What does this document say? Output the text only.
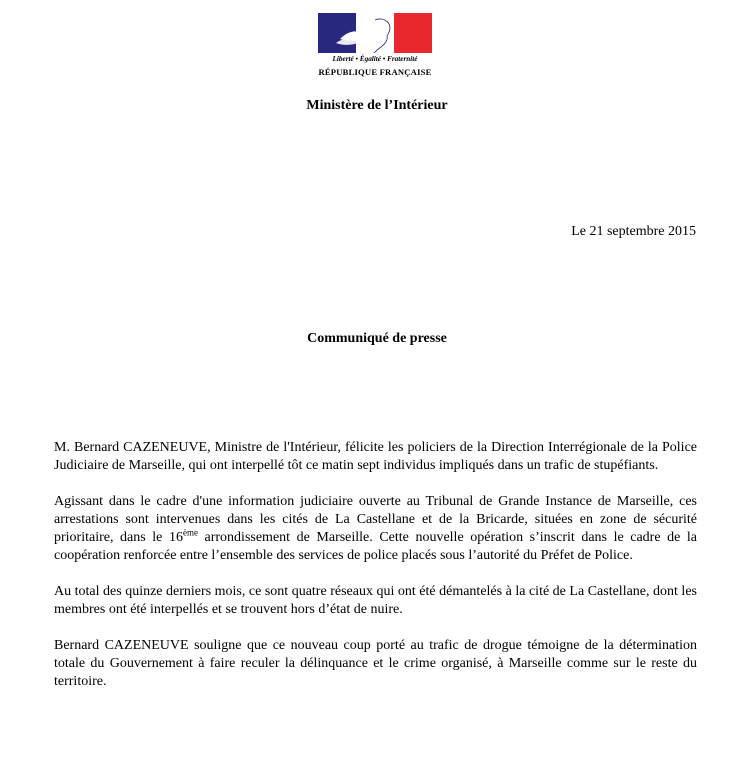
Liberté • Égalité • Fraternité
RÉPUBLIQUE FRANÇAISE
Ministère de l’Intérieur
Le 21 septembre 2015
Communiqué de presse

M. Bernard CAZENEUVE, Ministre de l'Intérieur, félicite les policiers de la Direction Interrégionale de la Police Judiciaire de Marseille, qui ont interpellé tôt ce matin sept individus impliqués dans un trafic de stupéfiants.

Agissant dans le cadre d'une information judiciaire ouverte au Tribunal de Grande Instance de Marseille, ces arrestations sont intervenues dans les cités de La Castellane et de la Bricarde, situées en zone de sécurité prioritaire, dans le 16ème arrondissement de Marseille. Cette nouvelle opération s’inscrit dans le cadre de la coopération renforcée entre l’ensemble des services de police placés sous l’autorité du Préfet de Police.

Au total des quinze derniers mois, ce sont quatre réseaux qui ont été démantelés à la cité de La Castellane, dont les membres ont été interpellés et se trouvent hors d’état de nuire.

Bernard CAZENEUVE souligne que ce nouveau coup porté au trafic de drogue témoigne de la détermination totale du Gouvernement à faire reculer la délinquance et le crime organisé, à Marseille comme sur le reste du territoire.
